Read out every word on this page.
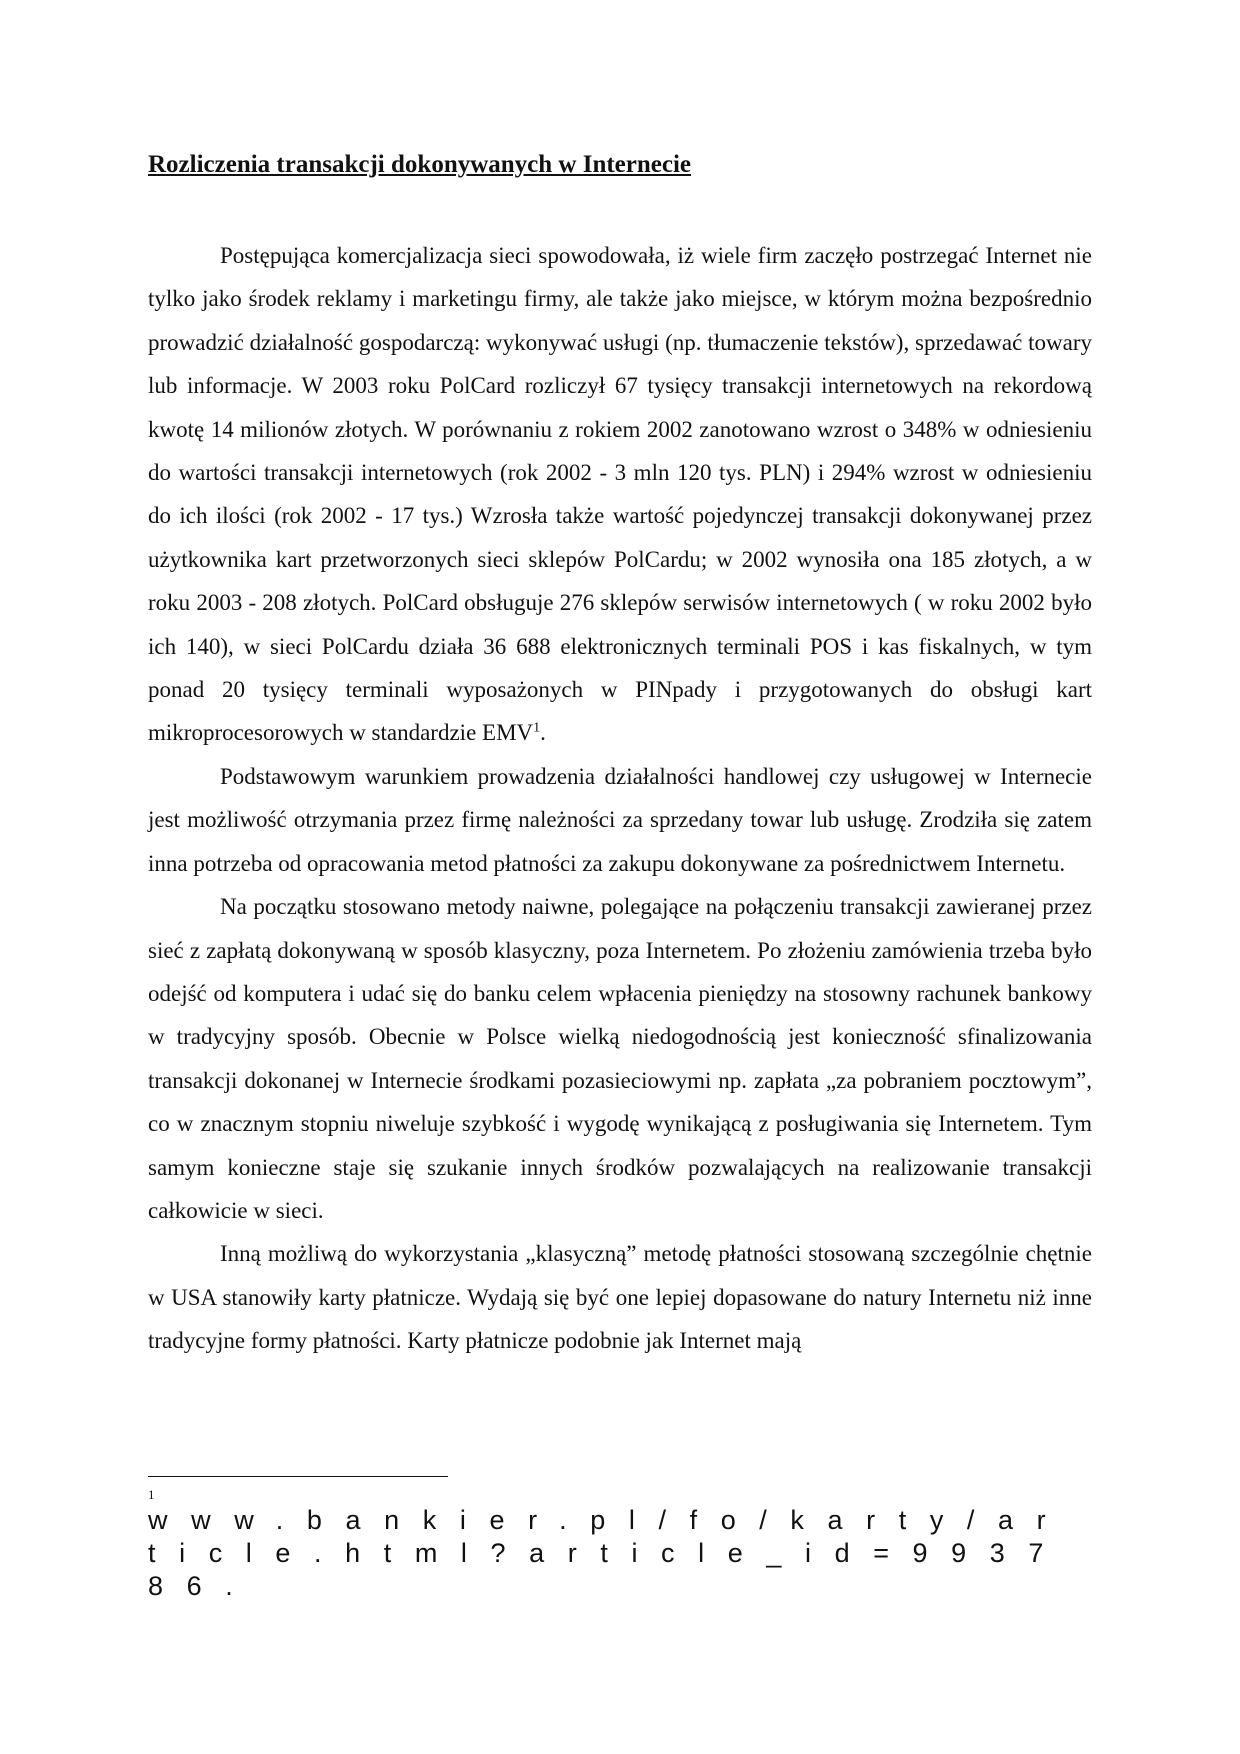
Rozliczenia transakcji dokonywanych w Internecie

Postępująca komercjalizacja sieci spowodowała, iż wiele firm zaczęło postrzegać Internet nie tylko jako środek reklamy i marketingu firmy, ale także jako miejsce, w którym można bezpośrednio prowadzić działalność gospodarczą: wykonywać usługi (np. tłumaczenie tekstów), sprzedawać towary lub informacje. W 2003 roku PolCard rozliczył 67 tysięcy transakcji internetowych na rekordową kwotę 14 milionów złotych. W porównaniu z rokiem 2002 zanotowano wzrost o 348% w odniesieniu do wartości transakcji internetowych (rok 2002 - 3 mln 120 tys. PLN) i 294% wzrost w odniesieniu do ich ilości (rok 2002 - 17 tys.) Wzrosła także wartość pojedynczej transakcji dokonywanej przez użytkownika kart przetworzonych sieci sklepów PolCardu; w 2002 wynosiła ona 185 złotych, a w roku 2003 - 208 złotych. PolCard obsługuje 276 sklepów serwisów internetowych ( w roku 2002 było ich 140), w sieci PolCardu działa 36 688 elektronicznych terminali POS i kas fiskalnych, w tym ponad 20 tysięcy terminali wyposażonych w PINpady i przygotowanych do obsługi kart mikroprocesorowych w standardzie EMV$^1$.

Podstawowym warunkiem prowadzenia działalności handlowej czy usługowej w Internecie jest możliwość otrzymania przez firmę należności za sprzedany towar lub usługę. Zrodziła się zatem inna potrzeba od opracowania metod płatności za zakupu dokonywane za pośrednictwem Internetu.

Na początku stosowano metody naiwne, polegające na połączeniu transakcji zawieranej przez sieć z zapłatą dokonywaną w sposób klasyczny, poza Internetem. Po złożeniu zamówienia trzeba było odejść od komputera i udać się do banku celem wpłacenia pieniędzy na stosowny rachunek bankowy w tradycyjny sposób. Obecnie w Polsce wielką niedogodnością jest konieczność sfinalizowania transakcji dokonanej w Internecie środkami pozasieciowymi np. zapłata „za pobraniem pocztowym”, co w znacznym stopniu niweluje szybkość i wygodę wynikającą z posługiwania się Internetem. Tym samym konieczne staje się szukanie innych środków pozwalających na realizowanie transakcji całkowicie w sieci.

Inną możliwą do wykorzystania „klasyczną” metodę płatności stosowaną szczególnie chętnie w USA stanowiły karty płatnicze. Wydają się być one lepiej dopasowane do natury Internetu niż inne tradycyjne formy płatności. Karty płatnicze podobnie jak Internet mają

1
www.bankier.pl/fo/karty/article.html?article_id=993786.
